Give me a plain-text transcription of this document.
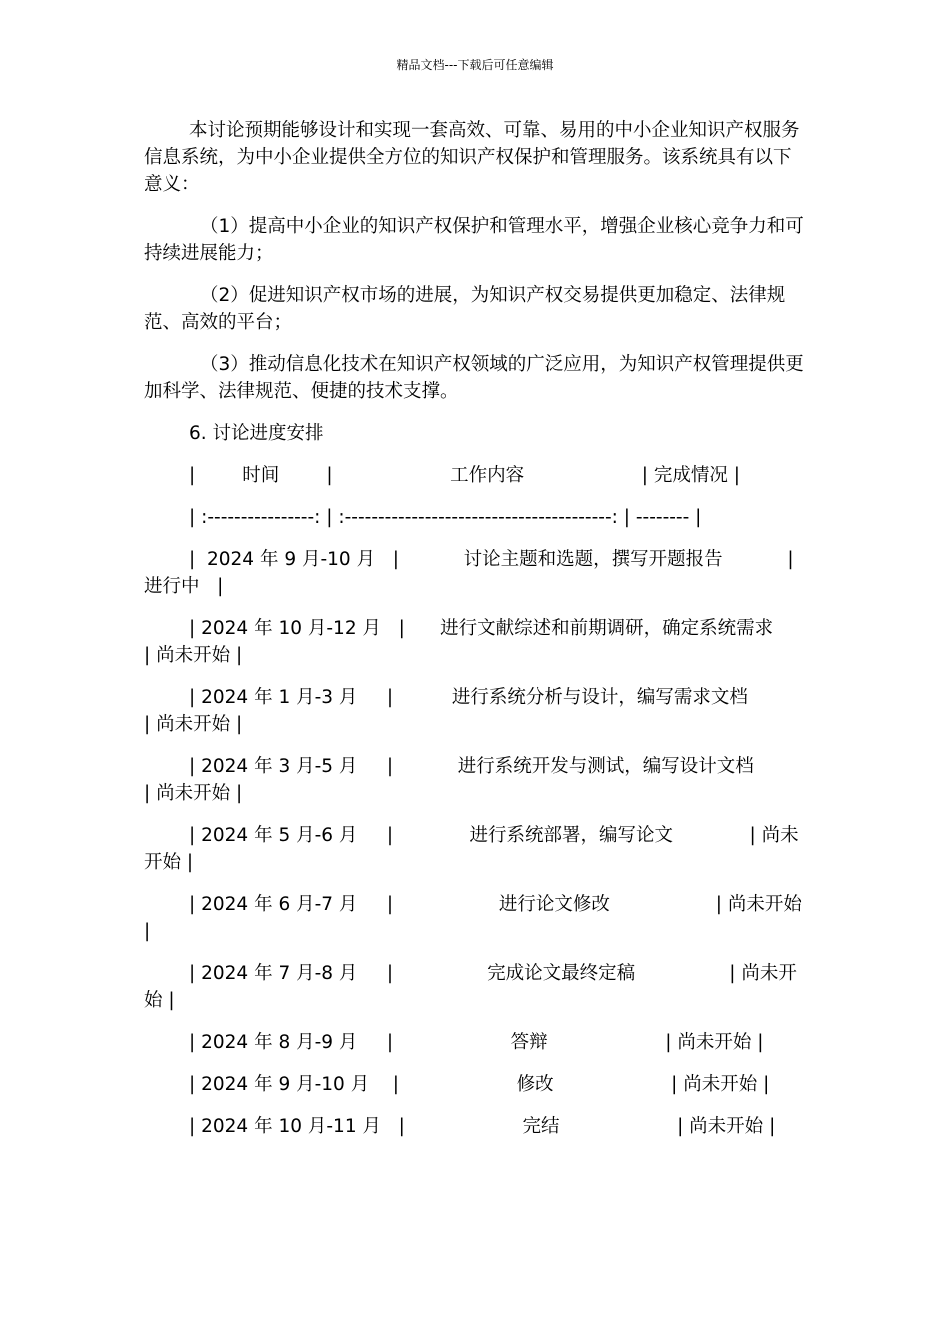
精品文档---下载后可任意编辑

本讨论预期能够设计和实现一套高效、可靠、易用的中小企业知识产权服务信息系统，为中小企业提供全方位的知识产权保护和管理服务。该系统具有以下意义：

（1）提高中小企业的知识产权保护和管理水平，增强企业核心竞争力和可持续进展能力；

（2）促进知识产权市场的进展，为知识产权交易提供更加稳定、法律规范、高效的平台；

（3）推动信息化技术在知识产权领域的广泛应用，为知识产权管理提供更加科学、法律规范、便捷的技术支撑。

6. 讨论进度安排

|        时间        |                    工作内容                    | 完成情况 |

| :----------------: | :----------------------------------------: | -------- |

|  2024 年 9 月-10 月   |           讨论主题和选题，撰写开题报告           | 进行中   |

| 2024 年 10 月-12 月   |      进行文献综述和前期调研，确定系统需求       | 尚未开始 |

| 2024 年 1 月-3 月     |          进行系统分析与设计，编写需求文档          | 尚未开始 |

| 2024 年 3 月-5 月     |           进行系统开发与测试，编写设计文档           | 尚未开始 |

| 2024 年 5 月-6 月     |             进行系统部署，编写论文             | 尚未开始 |

| 2024 年 6 月-7 月     |                  进行论文修改                  | 尚未开始 |

| 2024 年 7 月-8 月     |                完成论文最终定稿                | 尚未开始 |

| 2024 年 8 月-9 月     |                    答辩                    | 尚未开始 |

| 2024 年 9 月-10 月    |                    修改                    | 尚未开始 |

| 2024 年 10 月-11 月   |                    完结                    | 尚未开始 |
